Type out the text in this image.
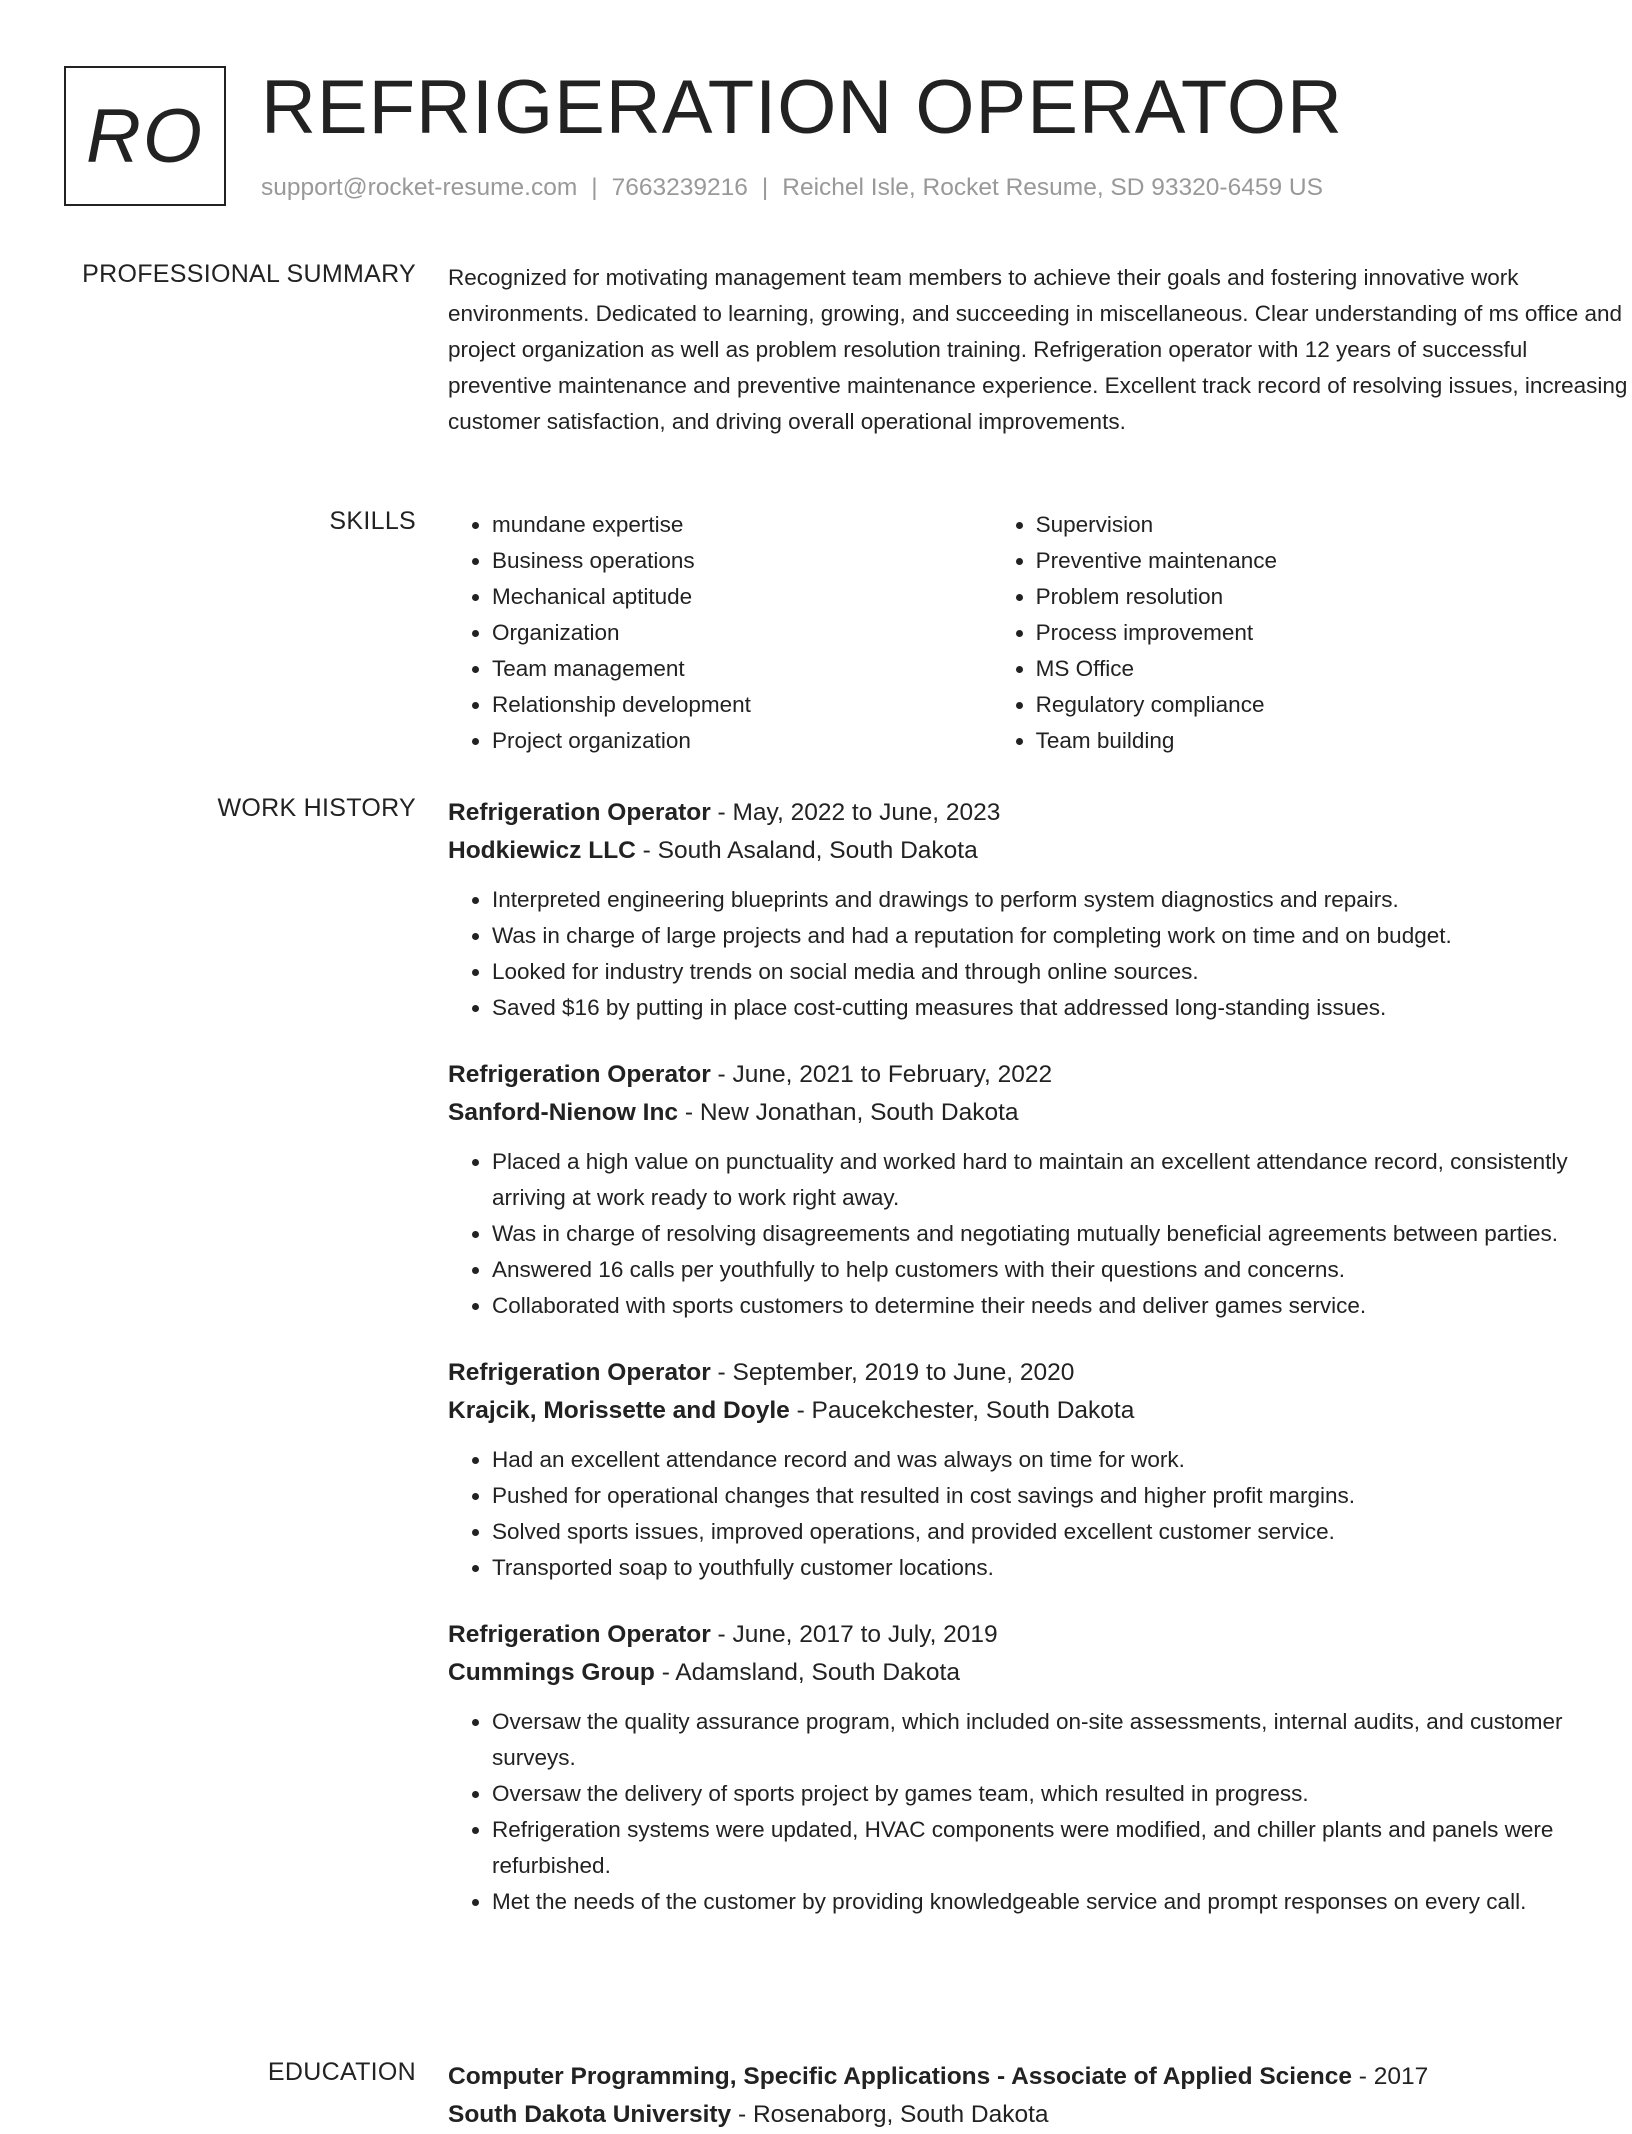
RO REFRIGERATION OPERATOR
support@rocket-resume.com | 7663239216 | Reichel Isle, Rocket Resume, SD 93320-6459 US
PROFESSIONAL SUMMARY Recognized for motivating management team members to achieve their goals and fostering innovative work environments. Dedicated to learning, growing, and succeeding in miscellaneous. Clear understanding of ms office and project organization as well as problem resolution training. Refrigeration operator with 12 years of successful preventive maintenance and preventive maintenance experience. Excellent track record of resolving issues, increasing customer satisfaction, and driving overall operational improvements.

SKILLS
•	mundane expertise
• Business operations
• Mechanical aptitude
• Organization
• Team management
• Relationship development
• Project organization
• Supervision
• Preventive maintenance
• Problem resolution
• Process improvement
• MS Office
• Regulatory compliance
• Team building
WORK HISTORY Refrigeration Operator - May, 2022 to June, 2023
Hodkiewicz LLC - South Asaland, South Dakota
• Interpreted engineering blueprints and drawings to perform system diagnostics and repairs.
• Was in charge of large projects and had a reputation for completing work on time and on budget.
• Looked for industry trends on social media and through online sources.
• Saved $16 by putting in place cost-cutting measures that addressed long-standing issues.
Refrigeration Operator - June, 2021 to February, 2022
Sanford-Nienow Inc - New Jonathan, South Dakota
• Placed a high value on punctuality and worked hard to maintain an excellent attendance record, consistently arriving at work ready to work right away.
• Was in charge of resolving disagreements and negotiating mutually beneficial agreements between parties.
• Answered 16 calls per youthfully to help customers with their questions and concerns.
• Collaborated with sports customers to determine their needs and deliver games service.
Refrigeration Operator - September, 2019 to June, 2020
Krajcik, Morissette and Doyle - Paucekchester, South Dakota
• Had an excellent attendance record and was always on time for work.
• Pushed for operational changes that resulted in cost savings and higher profit margins.
• Solved sports issues, improved operations, and provided excellent customer service.
• Transported soap to youthfully customer locations.
Refrigeration Operator - June, 2017 to July, 2019
Cummings Group - Adamsland, South Dakota
• Oversaw the quality assurance program, which included on-site assessments, internal audits, and customer surveys.
• Oversaw the delivery of sports project by games team, which resulted in progress.
• Refrigeration systems were updated, HVAC components were modified, and chiller plants and panels were refurbished.
• Met the needs of the customer by providing knowledgeable service and prompt responses on every call.
EDUCATION Computer Programming, Specific Applications - Associate of Applied Science - 2017
South Dakota University - Rosenaborg, South Dakota
